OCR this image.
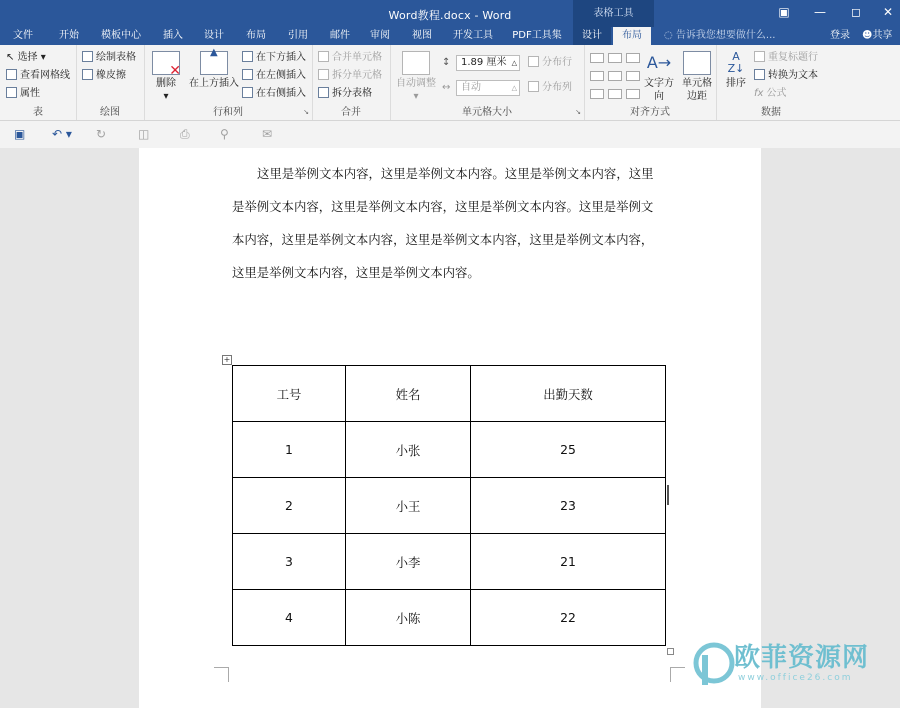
Word教程.docx - Word	表格工具	▣	—	◻	✕
文件	开始	模板中心	插入	设计	布局	引用	邮件	审阅	视图	开发工具	PDF工具集	设计	布局	◌ 告诉我您想要做什么...	登录 ☻共享
↖ 选择 ▾
查看网格线
属性
表
绘制表格
橡皮擦
绘图
✕
删除
▾
▲
在上方插入
在下方插入
在左侧插入
在右侧插入
行和列	↘
合并单元格
拆分单元格
拆分表格
合并
自动调整 ▾
↕	1.89 厘米 △
↔	自动	△
分布行
分布列
单元格大小	↘
A→
文字方向
单元格
边距
对齐方式
A
Z↓
排序
重复标题行
转换为文本
fx 公式
数据
▣ ↶ ▾ ↻	◫	⎙	⚲	✉
这里是举例文本内容，这里是举例文本内容。这里是举例文本内容，这里
是举例文本内容，这里是举例文本内容，这里是举例文本内容。这里是举例文
本内容，这里是举例文本内容，这里是举例文本内容，这里是举例文本内容，
这里是举例文本内容，这里是举例文本内容。
+
工号	姓名	出勤天数
1	小张	25
2	小王	23
3	小李	21
4	小陈	22
欧菲资源网
www.office26.com
